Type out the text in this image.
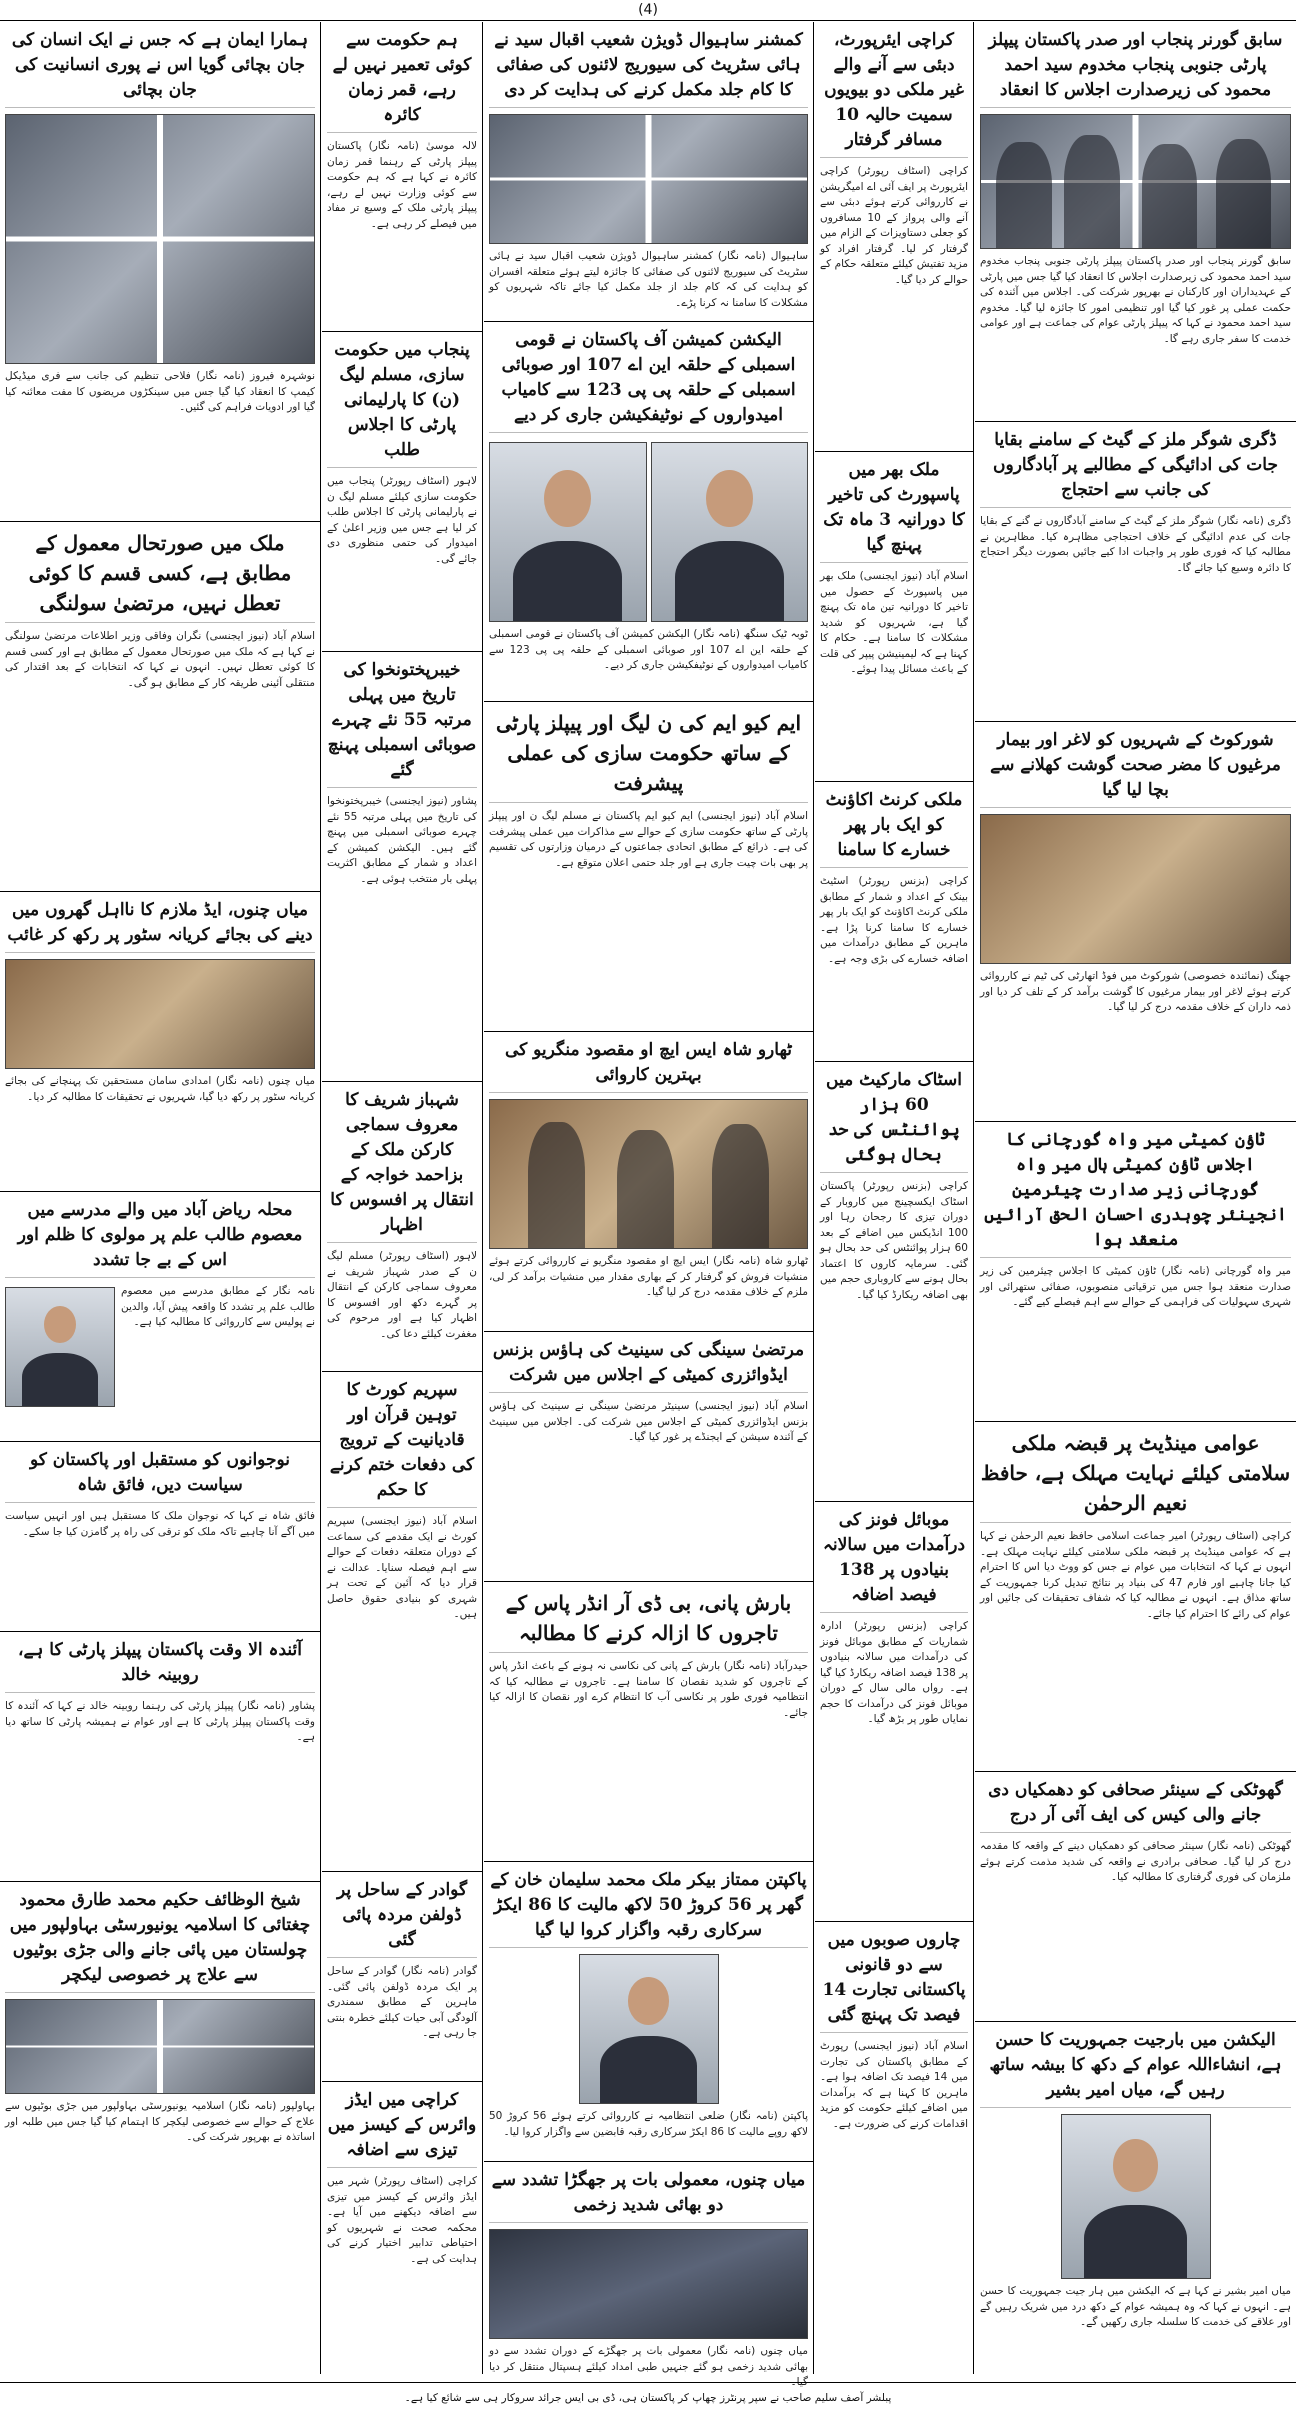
(4)
سابق گورنر پنجاب اور صدر پاکستان پیپلز پارٹی جنوبی پنجاب مخدوم سید احمد محمود کی زیرصدارت اجلاس کا انعقاد
سابق گورنر پنجاب اور صدر پاکستان پیپلز پارٹی جنوبی پنجاب مخدوم سید احمد محمود کی زیرصدارت اجلاس کا انعقاد کیا گیا جس میں پارٹی کے عہدیداران اور کارکنان نے بھرپور شرکت کی۔ اجلاس میں آئندہ کی حکمت عملی پر غور کیا گیا اور تنظیمی امور کا جائزہ لیا گیا۔ مخدوم سید احمد محمود نے کہا کہ پیپلز پارٹی عوام کی جماعت ہے اور عوامی خدمت کا سفر جاری رہے گا۔
ڈگری شوگر ملز کے گیٹ کے سامنے بقایا جات کی ادائیگی کے مطالبے پر آبادگاروں کی جانب سے احتجاج
ڈگری (نامہ نگار) شوگر ملز کے گیٹ کے سامنے آبادگاروں نے گنے کے بقایا جات کی عدم ادائیگی کے خلاف احتجاجی مظاہرہ کیا۔ مظاہرین نے مطالبہ کیا کہ فوری طور پر واجبات ادا کیے جائیں بصورت دیگر احتجاج کا دائرہ وسیع کیا جائے گا۔
شورکوٹ کے شہریوں کو لاغر اور بیمار مرغیوں کا مضر صحت گوشت کھلانے سے بچا لیا گیا
جھنگ (نمائندہ خصوصی) شورکوٹ میں فوڈ اتھارٹی کی ٹیم نے کارروائی کرتے ہوئے لاغر اور بیمار مرغیوں کا گوشت برآمد کر کے تلف کر دیا اور ذمہ داران کے خلاف مقدمہ درج کر لیا گیا۔
ٹاؤن کمیٹی میر واہ گورچانی کا اجلاس ٹاؤن کمیٹی ہال میر واہ گورچانی زیر صدارت چیئرمین انجینئر چوہدری احسان الحق آرائیں منعقد ہوا
میر واہ گورچانی (نامہ نگار) ٹاؤن کمیٹی کا اجلاس چیئرمین کی زیر صدارت منعقد ہوا جس میں ترقیاتی منصوبوں، صفائی ستھرائی اور شہری سہولیات کی فراہمی کے حوالے سے اہم فیصلے کیے گئے۔
عوامی مینڈیٹ پر قبضہ ملکی سلامتی کیلئے نہایت مہلک ہے، حافظ نعیم الرحمٰن
کراچی (اسٹاف رپورٹر) امیر جماعت اسلامی حافظ نعیم الرحمٰن نے کہا ہے کہ عوامی مینڈیٹ پر قبضہ ملکی سلامتی کیلئے نہایت مہلک ہے۔ انہوں نے کہا کہ انتخابات میں عوام نے جس کو ووٹ دیا اس کا احترام کیا جانا چاہیے اور فارم 47 کی بنیاد پر نتائج تبدیل کرنا جمہوریت کے ساتھ مذاق ہے۔ انہوں نے مطالبہ کیا کہ شفاف تحقیقات کی جائیں اور عوام کی رائے کا احترام کیا جائے۔
گھوٹکی کے سینئر صحافی کو دھمکیاں دی جانے والی کیس کی ایف آئی آر درج
گھوٹکی (نامہ نگار) سینئر صحافی کو دھمکیاں دینے کے واقعہ کا مقدمہ درج کر لیا گیا۔ صحافی برادری نے واقعہ کی شدید مذمت کرتے ہوئے ملزمان کی فوری گرفتاری کا مطالبہ کیا۔
الیکشن میں بارجیت جمہوریت کا حسن ہے، انشاءاللہ عوام کے دکھ کا بیشہ ساتھ رہیں گے، میاں امیر بشیر
میاں امیر بشیر نے کہا ہے کہ الیکشن میں ہار جیت جمہوریت کا حسن ہے۔ انہوں نے کہا کہ وہ ہمیشہ عوام کے دکھ درد میں شریک رہیں گے اور علاقے کی خدمت کا سلسلہ جاری رکھیں گے۔
کراچی ایئرپورٹ، دبئی سے آنے والے غیر ملکی دو بیویوں سمیت حالیہ 10 مسافر گرفتار
کراچی (اسٹاف رپورٹر) کراچی ایئرپورٹ پر ایف آئی اے امیگریشن نے کارروائی کرتے ہوئے دبئی سے آنے والی پرواز کے 10 مسافروں کو جعلی دستاویزات کے الزام میں گرفتار کر لیا۔ گرفتار افراد کو مزید تفتیش کیلئے متعلقہ حکام کے حوالے کر دیا گیا۔
ملک بھر میں پاسپورٹ کی تاخیر کا دورانیہ 3 ماہ تک پہنچ گیا
اسلام آباد (نیوز ایجنسی) ملک بھر میں پاسپورٹ کے حصول میں تاخیر کا دورانیہ تین ماہ تک پہنچ گیا ہے، شہریوں کو شدید مشکلات کا سامنا ہے۔ حکام کا کہنا ہے کہ لیمینیشن پیپر کی قلت کے باعث مسائل پیدا ہوئے۔
ملکی کرنٹ اکاؤنٹ کو ایک بار پھر خسارے کا سامنا
کراچی (بزنس رپورٹر) اسٹیٹ بینک کے اعداد و شمار کے مطابق ملکی کرنٹ اکاؤنٹ کو ایک بار پھر خسارے کا سامنا کرنا پڑا ہے۔ ماہرین کے مطابق درآمدات میں اضافہ خسارے کی بڑی وجہ ہے۔
اسٹاک مارکیٹ میں 60 ہزار پوائنٹس کی حد بحال ہوگئی
کراچی (بزنس رپورٹر) پاکستان اسٹاک ایکسچینج میں کاروبار کے دوران تیزی کا رجحان رہا اور 100 انڈیکس میں اضافے کے بعد 60 ہزار پوائنٹس کی حد بحال ہو گئی۔ سرمایہ کاروں کا اعتماد بحال ہونے سے کاروباری حجم میں بھی اضافہ ریکارڈ کیا گیا۔
موبائل فونز کی درآمدات میں سالانہ بنیادوں پر 138 فیصد اضافہ
کراچی (بزنس رپورٹر) ادارہ شماریات کے مطابق موبائل فونز کی درآمدات میں سالانہ بنیادوں پر 138 فیصد اضافہ ریکارڈ کیا گیا ہے۔ رواں مالی سال کے دوران موبائل فونز کی درآمدات کا حجم نمایاں طور پر بڑھ گیا۔
چاروں صوبوں میں سے دو قانونی پاکستانی تجارت 14 فیصد تک پہنچ گئی
اسلام آباد (نیوز ایجنسی) رپورٹ کے مطابق پاکستان کی تجارت میں 14 فیصد تک اضافہ ہوا ہے۔ ماہرین کا کہنا ہے کہ برآمدات میں اضافے کیلئے حکومت کو مزید اقدامات کرنے کی ضرورت ہے۔
کمشنر ساہیوال ڈویژن شعیب اقبال سید نے ہائی سٹریٹ کی سیوریج لائنوں کی صفائی کا کام جلد مکمل کرنے کی ہدایت کر دی
ساہیوال (نامہ نگار) کمشنر ساہیوال ڈویژن شعیب اقبال سید نے ہائی سٹریٹ کی سیوریج لائنوں کی صفائی کا جائزہ لیتے ہوئے متعلقہ افسران کو ہدایت کی کہ کام جلد از جلد مکمل کیا جائے تاکہ شہریوں کو مشکلات کا سامنا نہ کرنا پڑے۔
الیکشن کمیشن آف پاکستان نے قومی اسمبلی کے حلقہ این اے 107 اور صوبائی اسمبلی کے حلقہ پی پی 123 سے کامیاب امیدواروں کے نوٹیفکیشن جاری کر دیے
ٹوبہ ٹیک سنگھ (نامہ نگار) الیکشن کمیشن آف پاکستان نے قومی اسمبلی کے حلقہ این اے 107 اور صوبائی اسمبلی کے حلقہ پی پی 123 سے کامیاب امیدواروں کے نوٹیفکیشن جاری کر دیے۔
ایم کیو ایم کی ن لیگ اور پیپلز پارٹی کے ساتھ حکومت سازی کی عملی پیشرفت
اسلام آباد (نیوز ایجنسی) ایم کیو ایم پاکستان نے مسلم لیگ ن اور پیپلز پارٹی کے ساتھ حکومت سازی کے حوالے سے مذاکرات میں عملی پیشرفت کی ہے۔ ذرائع کے مطابق اتحادی جماعتوں کے درمیان وزارتوں کی تقسیم پر بھی بات چیت جاری ہے اور جلد حتمی اعلان متوقع ہے۔
ٹھارو شاہ ایس ایچ او مقصود منگریو کی بہترین کاروائی
ٹھارو شاہ (نامہ نگار) ایس ایچ او مقصود منگریو نے کارروائی کرتے ہوئے منشیات فروش کو گرفتار کر کے بھاری مقدار میں منشیات برآمد کر لی، ملزم کے خلاف مقدمہ درج کر لیا گیا۔
مرتضیٰ سینگی کی سینیٹ کی ہاؤس بزنس ایڈوائزری کمیٹی کے اجلاس میں شرکت
اسلام آباد (نیوز ایجنسی) سینیٹر مرتضیٰ سینگی نے سینیٹ کی ہاؤس بزنس ایڈوائزری کمیٹی کے اجلاس میں شرکت کی۔ اجلاس میں سینیٹ کے آئندہ سیشن کے ایجنڈے پر غور کیا گیا۔
بارش پانی، بی ڈی آر انڈر پاس کے تاجروں کا ازالہ کرنے کا مطالبہ
حیدرآباد (نامہ نگار) بارش کے پانی کی نکاسی نہ ہونے کے باعث انڈر پاس کے تاجروں کو شدید نقصان کا سامنا ہے۔ تاجروں نے مطالبہ کیا کہ انتظامیہ فوری طور پر نکاسی آب کا انتظام کرے اور نقصان کا ازالہ کیا جائے۔
پاکپتن ممتاز بیکر ملک محمد سلیمان خان کے گھر پر 56 کروڑ 50 لاکھ مالیت کا 86 ایکڑ سرکاری رقبہ واگزار کروا لیا گیا
پاکپتن (نامہ نگار) ضلعی انتظامیہ نے کارروائی کرتے ہوئے 56 کروڑ 50 لاکھ روپے مالیت کا 86 ایکڑ سرکاری رقبہ قابضین سے واگزار کروا لیا۔
میاں چنوں، معمولی بات پر جھگڑا تشدد سے دو بھائی شدید زخمی
میاں چنوں (نامہ نگار) معمولی بات پر جھگڑے کے دوران تشدد سے دو بھائی شدید زخمی ہو گئے جنہیں طبی امداد کیلئے ہسپتال منتقل کر دیا گیا۔
ہم حکومت سے کوئی تعمیر نہیں لے رہے، قمر زمان کائرہ
لالہ موسیٰ (نامہ نگار) پاکستان پیپلز پارٹی کے رہنما قمر زمان کائرہ نے کہا ہے کہ ہم حکومت سے کوئی وزارت نہیں لے رہے، پیپلز پارٹی ملک کے وسیع تر مفاد میں فیصلے کر رہی ہے۔
پنجاب میں حکومت سازی، مسلم لیگ (ن) کا پارلیمانی پارٹی کا اجلاس طلب
لاہور (اسٹاف رپورٹر) پنجاب میں حکومت سازی کیلئے مسلم لیگ ن نے پارلیمانی پارٹی کا اجلاس طلب کر لیا ہے جس میں وزیر اعلیٰ کے امیدوار کی حتمی منظوری دی جائے گی۔
خیبرپختونخوا کی تاریخ میں پہلی مرتبہ 55 نئے چہرے صوبائی اسمبلی پہنچ گئے
پشاور (نیوز ایجنسی) خیبرپختونخوا کی تاریخ میں پہلی مرتبہ 55 نئے چہرے صوبائی اسمبلی میں پہنچ گئے ہیں۔ الیکشن کمیشن کے اعداد و شمار کے مطابق اکثریت پہلی بار منتخب ہوئی ہے۔
شہباز شریف کا معروف سماجی کارکن ملک کے بزاحمد خواجہ کے انتقال پر افسوس کا اظہار
لاہور (اسٹاف رپورٹر) مسلم لیگ ن کے صدر شہباز شریف نے معروف سماجی کارکن کے انتقال پر گہرے دکھ اور افسوس کا اظہار کیا ہے اور مرحوم کی مغفرت کیلئے دعا کی۔
سپریم کورٹ کا توہین قرآن اور قادیانیت کے ترویج کی دفعات ختم کرنے کا حکم
اسلام آباد (نیوز ایجنسی) سپریم کورٹ نے ایک مقدمے کی سماعت کے دوران متعلقہ دفعات کے حوالے سے اہم فیصلہ سنایا۔ عدالت نے قرار دیا کہ آئین کے تحت ہر شہری کو بنیادی حقوق حاصل ہیں۔
گوادر کے ساحل پر ڈولفن مردہ پائی گئی
گوادر (نامہ نگار) گوادر کے ساحل پر ایک مردہ ڈولفن پائی گئی۔ ماہرین کے مطابق سمندری آلودگی آبی حیات کیلئے خطرہ بنتی جا رہی ہے۔
کراچی میں ایڈز وائرس کے کیسز میں تیزی سے اضافہ
کراچی (اسٹاف رپورٹر) شہر میں ایڈز وائرس کے کیسز میں تیزی سے اضافہ دیکھنے میں آیا ہے۔ محکمہ صحت نے شہریوں کو احتیاطی تدابیر اختیار کرنے کی ہدایت کی ہے۔
ہمارا ایمان ہے کہ جس نے ایک انسان کی جان بچائی گویا اس نے پوری انسانیت کی جان بچائی
نوشہرہ فیروز (نامہ نگار) فلاحی تنظیم کی جانب سے فری میڈیکل کیمپ کا انعقاد کیا گیا جس میں سینکڑوں مریضوں کا مفت معائنہ کیا گیا اور ادویات فراہم کی گئیں۔
ملک میں صورتحال معمول کے مطابق ہے، کسی قسم کا کوئی تعطل نہیں، مرتضیٰ سولنگی
اسلام آباد (نیوز ایجنسی) نگران وفاقی وزیر اطلاعات مرتضیٰ سولنگی نے کہا ہے کہ ملک میں صورتحال معمول کے مطابق ہے اور کسی قسم کا کوئی تعطل نہیں۔ انہوں نے کہا کہ انتخابات کے بعد اقتدار کی منتقلی آئینی طریقہ کار کے مطابق ہو گی۔
میاں چنوں، ایڈ ملازم کا نااہل گھروں میں دینے کی بجائے کریانہ سٹور پر رکھ کر غائب
میاں چنوں (نامہ نگار) امدادی سامان مستحقین تک پہنچانے کی بجائے کریانہ سٹور پر رکھ دیا گیا، شہریوں نے تحقیقات کا مطالبہ کر دیا۔
محلہ ریاض آباد میں والے مدرسے میں معصوم طالب علم پر مولوی کا ظلم اور اس کے بے جا تشدد
نامہ نگار کے مطابق مدرسے میں معصوم طالب علم پر تشدد کا واقعہ پیش آیا، والدین نے پولیس سے کارروائی کا مطالبہ کیا ہے۔
نوجوانوں کو مستقبل اور پاکستان کو سیاست دیں، فائق شاہ
فائق شاہ نے کہا کہ نوجوان ملک کا مستقبل ہیں اور انہیں سیاست میں آگے آنا چاہیے تاکہ ملک کو ترقی کی راہ پر گامزن کیا جا سکے۔
آئندہ الا وقت پاکستان پیپلز پارٹی کا ہے، روبینہ خالد
پشاور (نامہ نگار) پیپلز پارٹی کی رہنما روبینہ خالد نے کہا کہ آئندہ کا وقت پاکستان پیپلز پارٹی کا ہے اور عوام نے ہمیشہ پارٹی کا ساتھ دیا ہے۔
شیخ الوظائف حکیم محمد طارق محمود چغتائی کا اسلامیہ یونیورسٹی بہاولپور میں چولستان میں پائی جانے والی جڑی بوٹیوں سے علاج پر خصوصی لیکچر
بہاولپور (نامہ نگار) اسلامیہ یونیورسٹی بہاولپور میں جڑی بوٹیوں سے علاج کے حوالے سے خصوصی لیکچر کا اہتمام کیا گیا جس میں طلبہ اور اساتذہ نے بھرپور شرکت کی۔
پبلشر آصف سلیم صاحب نے سپر پرنٹرز چھاپ کر پاکستان ہی، ڈی بی ایس جرائد سروکار ہی سے شائع کیا ہے۔
